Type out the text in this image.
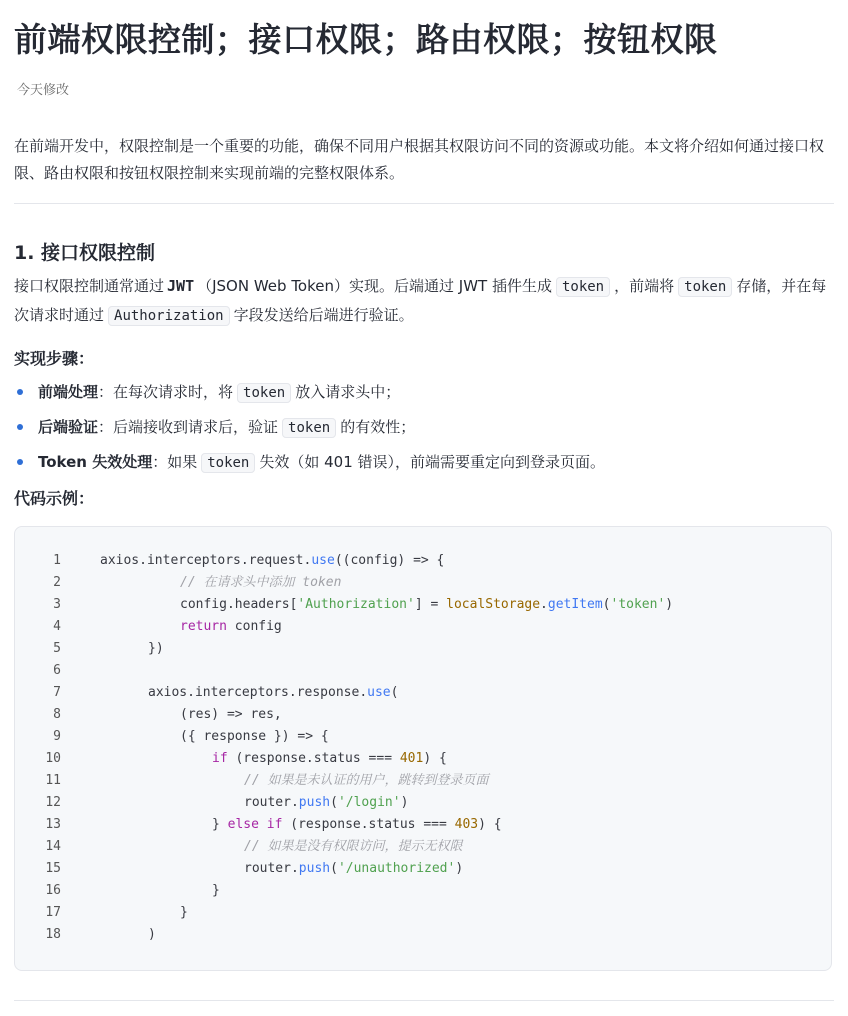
前端权限控制；接口权限；路由权限；按钮权限
今天修改

在前端开发中，权限控制是一个重要的功能，确保不同用户根据其权限访问不同的资源或功能。本文将介绍如何通过接口权限、路由权限和按钮权限控制来实现前端的完整权限体系。

1. 接口权限控制

接口权限控制通常通过 JWT （JSON Web Token）实现。后端通过 JWT 插件生成 token ，前端将 token 存储，并在每次请求时通过 Authorization 字段发送给后端进行验证。

实现步骤：
前端处理：在每次请求时，将 token 放入请求头中；
后端验证：后端接收到请求后，验证 token 的有效性；
Token 失效处理：如果 token 失效（如 401 错误），前端需要重定向到登录页面。
代码示例：
1	axios.interceptors.request.use((config) => {
2	// 在请求头中添加 token
3	config.headers['Authorization'] = localStorage.getItem('token')
4	return config
5	})
6
7	axios.interceptors.response.use(
8	(res) => res,
9	({ response }) => {
10	if (response.status === 401) {
11	// 如果是未认证的用户，跳转到登录页面
12	router.push('/login')
13	} else if (response.status === 403) {
14	// 如果是没有权限访问，提示无权限
15	router.push('/unauthorized')
16	}
17	}
18	)
